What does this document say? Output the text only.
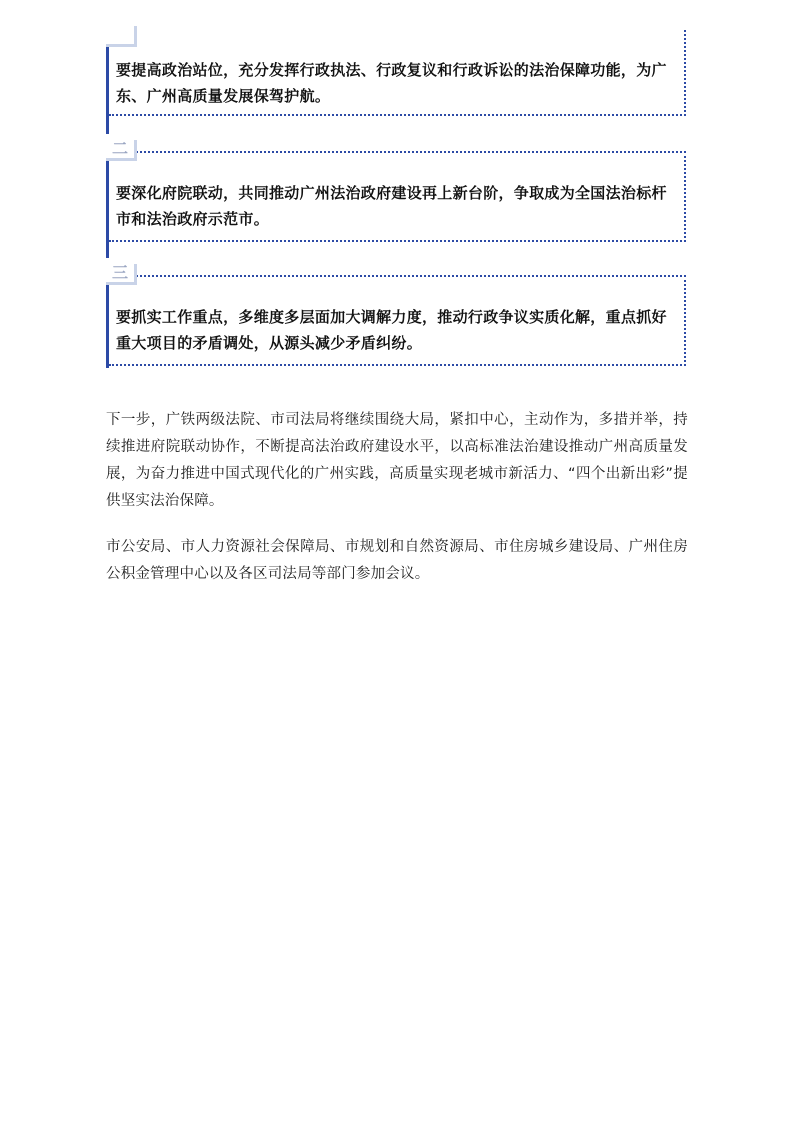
要提高政治站位，充分发挥行政执法、行政复议和行政诉讼的法治保障功能，为广东、广州高质量发展保驾护航。
二
要深化府院联动，共同推动广州法治政府建设再上新台阶，争取成为全国法治标杆市和法治政府示范市。
三
要抓实工作重点，多维度多层面加大调解力度，推动行政争议实质化解，重点抓好重大项目的矛盾调处，从源头减少矛盾纠纷。

下一步，广铁两级法院、市司法局将继续围绕大局，紧扣中心，主动作为，多措并举，持续推进府院联动协作，不断提高法治政府建设水平，以高标准法治建设推动广州高质量发展，为奋力推进中国式现代化的广州实践，高质量实现老城市新活力、“四个出新出彩”提供坚实法治保障。

市公安局、市人力资源社会保障局、市规划和自然资源局、市住房城乡建设局、广州住房公积金管理中心以及各区司法局等部门参加会议。
